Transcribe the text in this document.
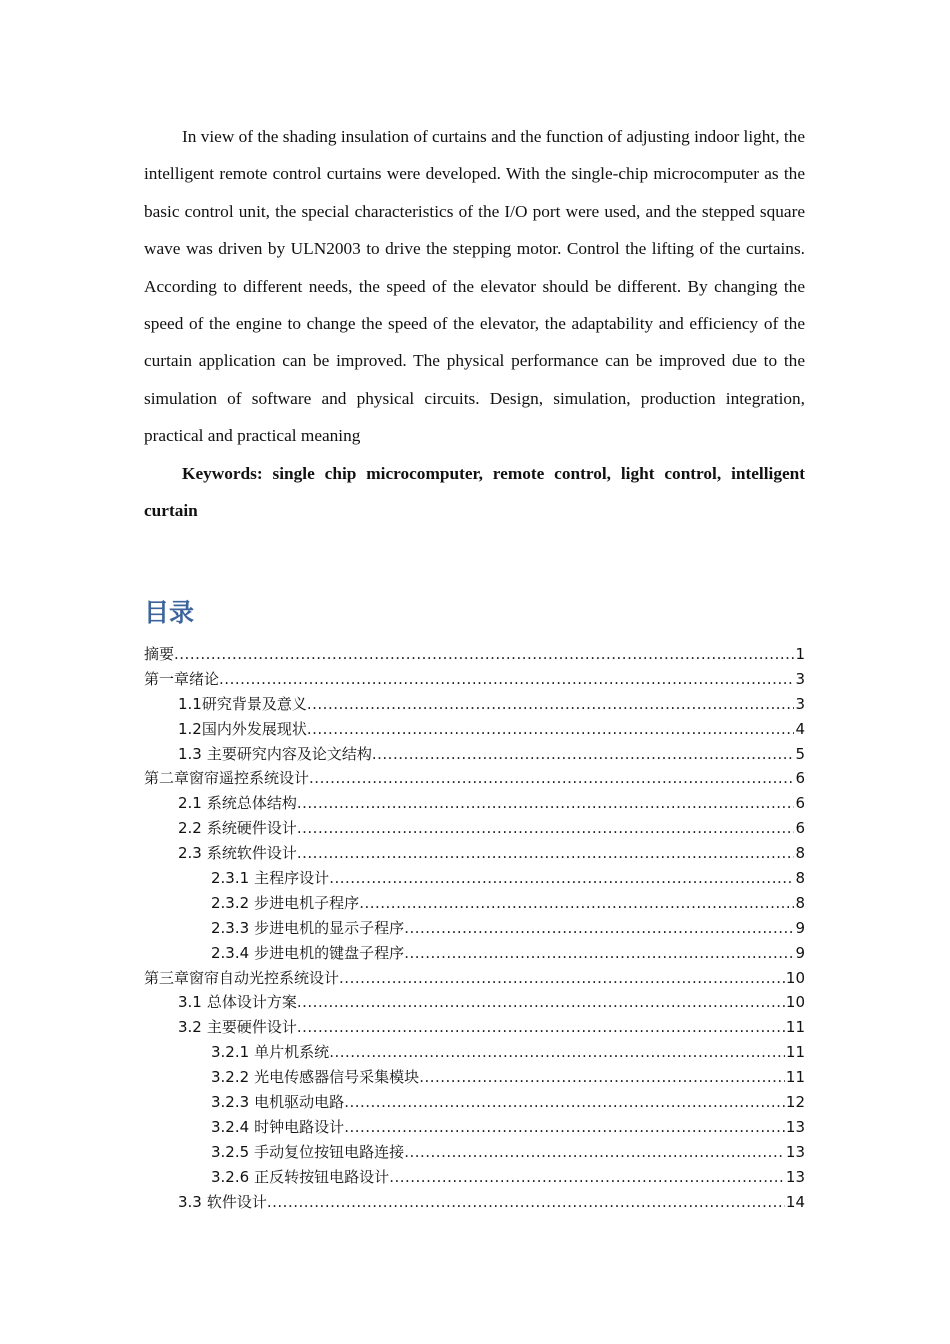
In view of the shading insulation of curtains and the function of adjusting indoor light, the intelligent remote control curtains were developed. With the single-chip microcomputer as the basic control unit, the special characteristics of the I/O port were used, and the stepped square wave was driven by ULN2003 to drive the stepping motor. Control the lifting of the curtains. According to different needs, the speed of the elevator should be different. By changing the speed of the engine to change the speed of the elevator, the adaptability and efficiency of the curtain application can be improved. The physical performance can be improved due to the simulation of software and physical circuits. Design, simulation, production integration, practical and practical meaning

Keywords: single chip microcomputer, remote control, light control, intelligent curtain

目录
摘要 .....	1
第一章 绪论 .....	3
1.1 研究背景及意义 .....	3
1.2 国内外发展现状 .....	4
1.3 主要研究内容及论文结构 .....	5
第二章 窗帘遥控系统设计 .....	6
2.1 系统总体结构 .....	6
2.2 系统硬件设计 .....	6
2.3 系统软件设计 .....	8
2.3.1 主程序设计 .....	8
2.3.2 步进电机子程序 .....	8
2.3.3 步进电机的显示子程序 .....	9
2.3.4 步进电机的键盘子程序 .....	9
第三章 窗帘自动光控系统设计 .....	10
3.1 总体设计方案 .....	10
3.2 主要硬件设计 .....	11
3.2.1 单片机系统 .....	11
3.2.2 光电传感器信号采集模块 .....	11
3.2.3 电机驱动电路 .....	12
3.2.4 时钟电路设计 .....	13
3.2.5 手动复位按钮电路连接 .....	13
3.2.6 正反转按钮电路设计 .....	13
3.3 软件设计 .....	14
